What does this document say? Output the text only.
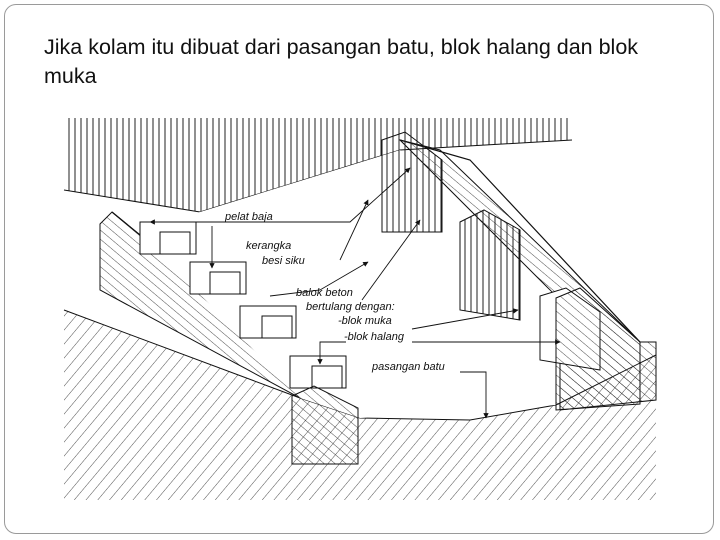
Jika kolam itu dibuat dari pasangan batu, blok halang dan blok muka
pelat baja
kerangka
besi siku
balok beton
bertulang dengan:
-blok muka
-blok halang
pasangan batu
